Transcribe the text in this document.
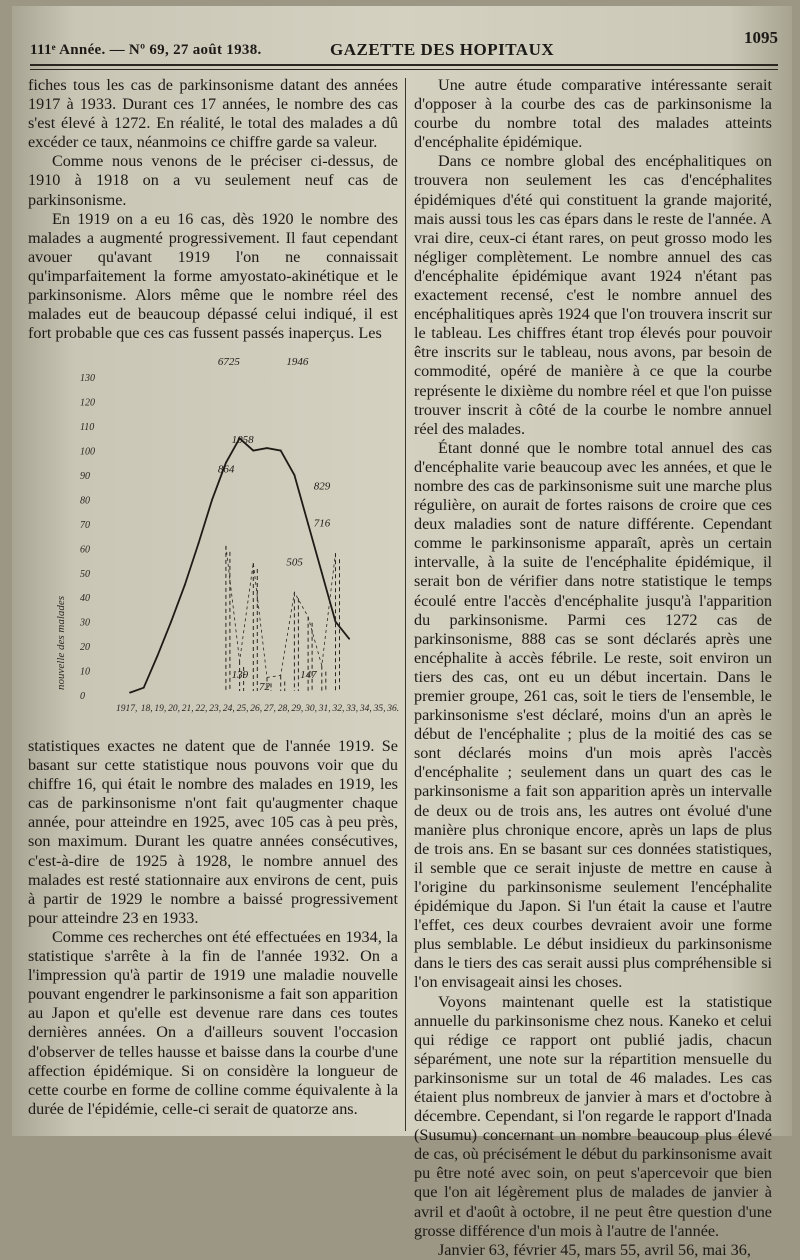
111ᵉ Année. — Nº 69, 27 août 1938.	GAZETTE DES HOPITAUX
1095

fiches tous les cas de parkinsonisme datant des années 1917 à 1933. Durant ces 17 années, le nombre des cas s'est élevé à 1272. En réalité, le total des malades a dû excéder ce taux, néanmoins ce chiffre garde sa valeur.

Comme nous venons de le préciser ci-dessus, de 1910 à 1918 on a vu seulement neuf cas de parkinsonisme.

En 1919 on a eu 16 cas, dès 1920 le nombre des malades a augmenté progressivement. Il faut cependant avouer qu'avant 1919 l'on ne connaissait qu'imparfaitement la forme amyostato-akinétique et le parkinsonisme. Alors même que le nombre réel des malades eut de beaucoup dépassé celui indiqué, il est fort probable que ces cas fussent passés inaperçus. Les

0
10
20
30
40
50
60
70
80
90
100
110
120
130
nouvelle des malades
1917, 18, 19, 20, 21, 22, 23, 24, 25, 26, 27, 28, 29, 30, 31, 32, 33, 34, 35, 36.
6725	1946
1058
864
829
716
505
139	147
72

statistiques exactes ne datent que de l'année 1919. Se basant sur cette statistique nous pouvons voir que du chiffre 16, qui était le nombre des malades en 1919, les cas de parkinsonisme n'ont fait qu'augmenter chaque année, pour atteindre en 1925, avec 105 cas à peu près, son maximum. Durant les quatre années consécutives, c'est-à-dire de 1925 à 1928, le nombre annuel des malades est resté stationnaire aux environs de cent, puis à partir de 1929 le nombre a baissé progressivement pour atteindre 23 en 1933.

Comme ces recherches ont été effectuées en 1934, la statistique s'arrête à la fin de l'année 1932. On a l'impression qu'à partir de 1919 une maladie nouvelle pouvant engendrer le parkinsonisme a fait son apparition au Japon et qu'elle est devenue rare dans ces toutes dernières années. On a d'ailleurs souvent l'occasion d'observer de telles hausse et baisse dans la courbe d'une affection épidémique. Si on considère la longueur de cette courbe en forme de colline comme équivalente à la durée de l'épidémie, celle-ci serait de quatorze ans.

Une autre étude comparative intéressante serait d'opposer à la courbe des cas de parkinsonisme la courbe du nombre total des malades atteints d'encéphalite épidémique.

Dans ce nombre global des encéphalitiques on trouvera non seulement les cas d'encéphalites épidémiques d'été qui constituent la grande majorité, mais aussi tous les cas épars dans le reste de l'année. A vrai dire, ceux-ci étant rares, on peut grosso modo les négliger complètement. Le nombre annuel des cas d'encéphalite épidémique avant 1924 n'étant pas exactement recensé, c'est le nombre annuel des encéphalitiques après 1924 que l'on trouvera inscrit sur le tableau. Les chiffres étant trop élevés pour pouvoir être inscrits sur le tableau, nous avons, par besoin de commodité, opéré de manière à ce que la courbe représente le dixième du nombre réel et que l'on puisse trouver inscrit à côté de la courbe le nombre annuel réel des malades.

Étant donné que le nombre total annuel des cas d'encéphalite varie beaucoup avec les années, et que le nombre des cas de parkinsonisme suit une marche plus régulière, on aurait de fortes raisons de croire que ces deux maladies sont de nature différente. Cependant comme le parkinsonisme apparaît, après un certain intervalle, à la suite de l'encéphalite épidémique, il serait bon de vérifier dans notre statistique le temps écoulé entre l'accès d'encéphalite jusqu'à l'apparition du parkinsonisme. Parmi ces 1272 cas de parkinsonisme, 888 cas se sont déclarés après une encéphalite à accès fébrile. Le reste, soit environ un tiers des cas, ont eu un début incertain. Dans le premier groupe, 261 cas, soit le tiers de l'ensemble, le parkinsonisme s'est déclaré, moins d'un an après le début de l'encéphalite ; plus de la moitié des cas se sont déclarés moins d'un mois après l'accès d'encéphalite ; seulement dans un quart des cas le parkinsonisme a fait son apparition après un intervalle de deux ou de trois ans, les autres ont évolué d'une manière plus chronique encore, après un laps de plus de trois ans. En se basant sur ces données statistiques, il semble que ce serait injuste de mettre en cause à l'origine du parkinsonisme seulement l'encéphalite épidémique du Japon. Si l'un était la cause et l'autre l'effet, ces deux courbes devraient avoir une forme plus semblable. Le début insidieux du parkinsonisme dans le tiers des cas serait aussi plus compréhensible si l'on envisageait ainsi les choses.

Voyons maintenant quelle est la statistique annuelle du parkinsonisme chez nous. Kaneko et celui qui rédige ce rapport ont publié jadis, chacun séparément, une note sur la répartition mensuelle du parkinsonisme sur un total de 46 malades. Les cas étaient plus nombreux de janvier à mars et d'octobre à décembre. Cependant, si l'on regarde le rapport d'Inada (Susumu) concernant un nombre beaucoup plus élevé de cas, où précisément le début du parkinsonisme avait pu être noté avec soin, on peut s'apercevoir que bien que l'on ait légèrement plus de malades de janvier à avril et d'août à octobre, il ne peut être question d'une grosse différence d'un mois à l'autre de l'année.

Janvier 63, février 45, mars 55, avril 56, mai 36,
